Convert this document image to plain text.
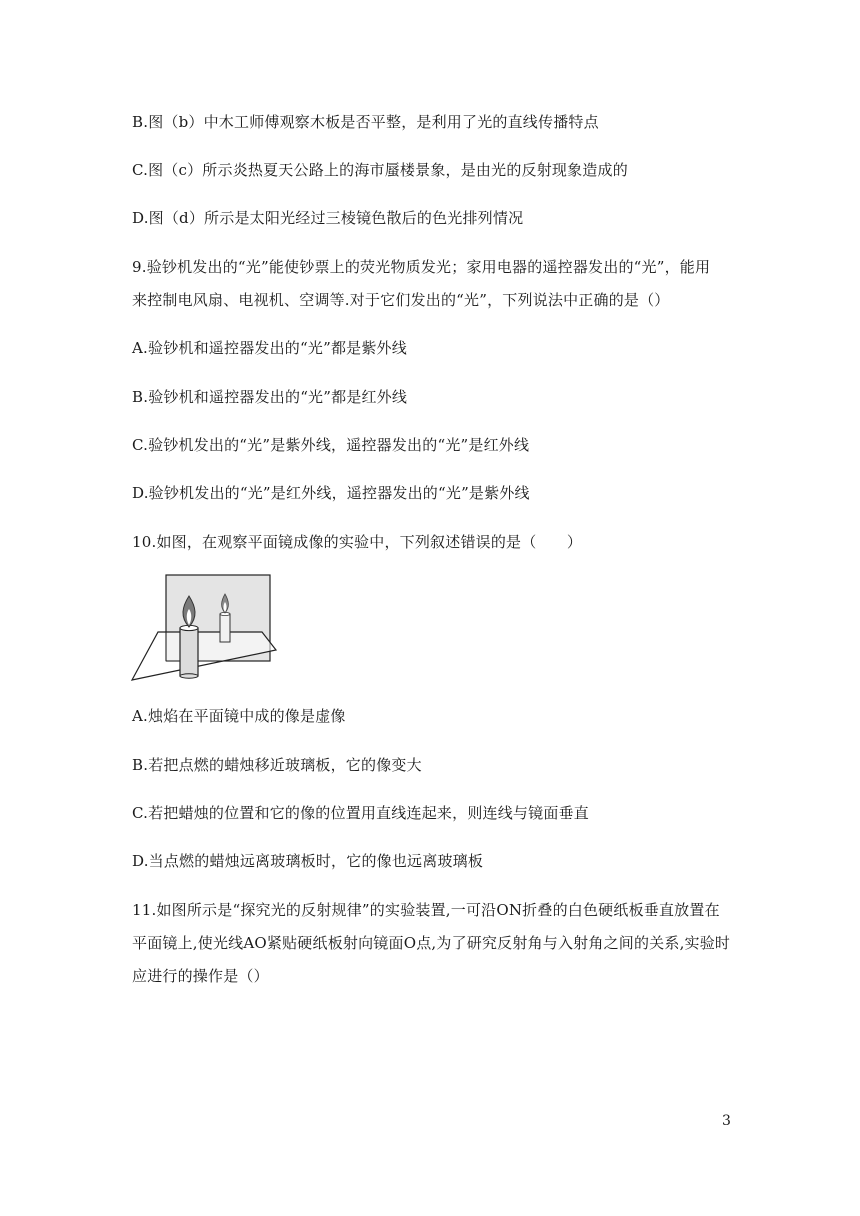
B.图（b）中木工师傅观察木板是否平整，是利用了光的直线传播特点
C.图（c）所示炎热夏天公路上的海市蜃楼景象，是由光的反射现象造成的
D.图（d）所示是太阳光经过三棱镜色散后的色光排列情况
9.验钞机发出的“光”能使钞票上的荧光物质发光；家用电器的遥控器发出的“光”，能用
来控制电风扇、电视机、空调等.对于它们发出的“光”，下列说法中正确的是（）
A.验钞机和遥控器发出的“光”都是紫外线
B.验钞机和遥控器发出的“光”都是红外线
C.验钞机发出的“光”是紫外线，遥控器发出的“光”是红外线
D.验钞机发出的“光”是红外线，遥控器发出的“光”是紫外线
10.如图，在观察平面镜成像的实验中，下列叙述错误的是（　　）
A.烛焰在平面镜中成的像是虚像
B.若把点燃的蜡烛移近玻璃板，它的像变大
C.若把蜡烛的位置和它的像的位置用直线连起来，则连线与镜面垂直
D.当点燃的蜡烛远离玻璃板时，它的像也远离玻璃板
11.如图所示是“探究光的反射规律”的实验装置,一可沿ON折叠的白色硬纸板垂直放置在
平面镜上,使光线AO紧贴硬纸板射向镜面O点,为了研究反射角与入射角之间的关系,实验时
应进行的操作是（）
3
